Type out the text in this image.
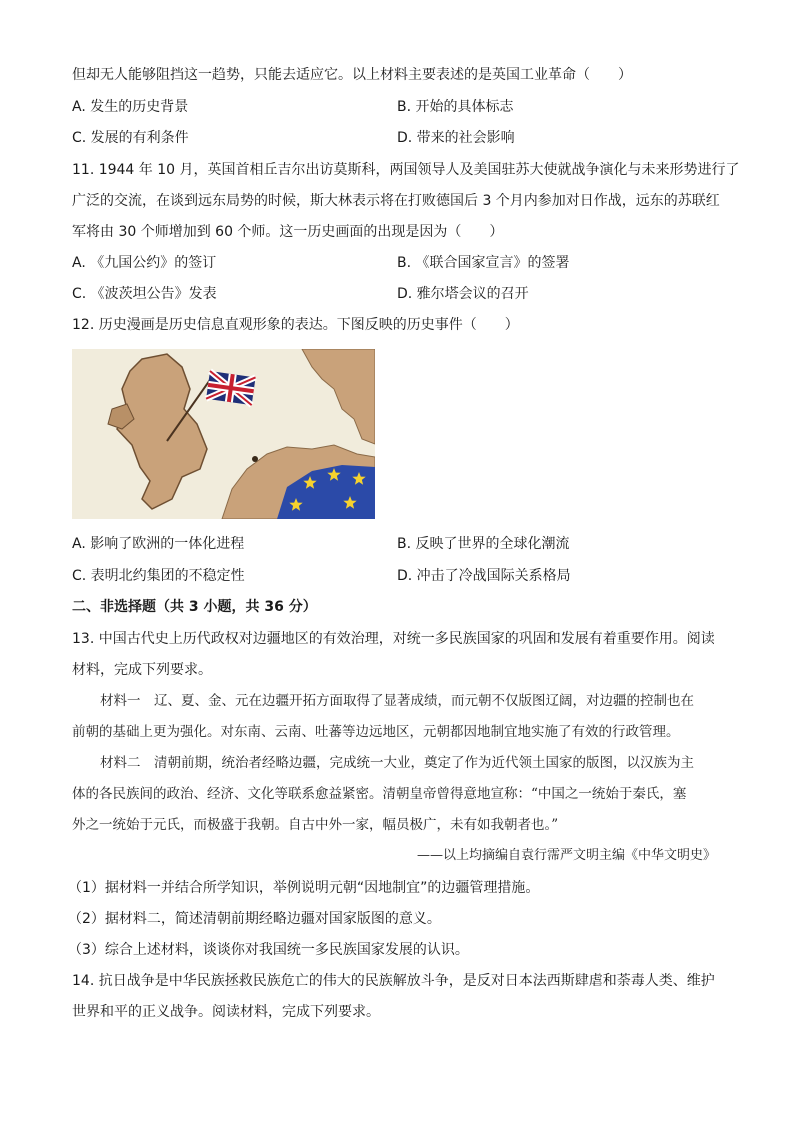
但却无人能够阻挡这一趋势，只能去适应它。以上材料主要表述的是英国工业革命（　　）
A. 发生的历史背景	B. 开始的具体标志
C. 发展的有利条件	D. 带来的社会影响
11. 1944 年 10 月，英国首相丘吉尔出访莫斯科，两国领导人及美国驻苏大使就战争演化与未来形势进行了
广泛的交流，在谈到远东局势的时候，斯大林表示将在打败德国后 3 个月内参加对日作战，远东的苏联红
军将由 30 个师增加到 60 个师。这一历史画面的出现是因为（　　）
A. 《九国公约》的签订	B. 《联合国家宣言》的签署
C. 《波茨坦公告》发表	D. 雅尔塔会议的召开
12. 历史漫画是历史信息直观形象的表达。下图反映的历史事件（　　）
A. 影响了欧洲的一体化进程	B. 反映了世界的全球化潮流
C. 表明北约集团的不稳定性	D. 冲击了冷战国际关系格局
二、非选择题（共 3 小题，共 36 分）
13. 中国古代史上历代政权对边疆地区的有效治理，对统一多民族国家的巩固和发展有着重要作用。阅读
材料，完成下列要求。
材料一　辽、夏、金、元在边疆开拓方面取得了显著成绩，而元朝不仅版图辽阔，对边疆的控制也在
前朝的基础上更为强化。对东南、云南、吐蕃等边远地区，元朝都因地制宜地实施了有效的行政管理。
材料二　清朝前期，统治者经略边疆，完成统一大业，奠定了作为近代领土国家的版图，以汉族为主
体的各民族间的政治、经济、文化等联系愈益紧密。清朝皇帝曾得意地宣称：“中国之一统始于秦氏，塞
外之一统始于元氏，而极盛于我朝。自古中外一家，幅员极广，未有如我朝者也。”
——以上均摘编自袁行霈严文明主编《中华文明史》
（1）据材料一并结合所学知识，举例说明元朝“因地制宜”的边疆管理措施。
（2）据材料二，简述清朝前期经略边疆对国家版图的意义。
（3）综合上述材料，谈谈你对我国统一多民族国家发展的认识。
14. 抗日战争是中华民族拯救民族危亡的伟大的民族解放斗争，是反对日本法西斯肆虐和荼毒人类、维护
世界和平的正义战争。阅读材料，完成下列要求。
